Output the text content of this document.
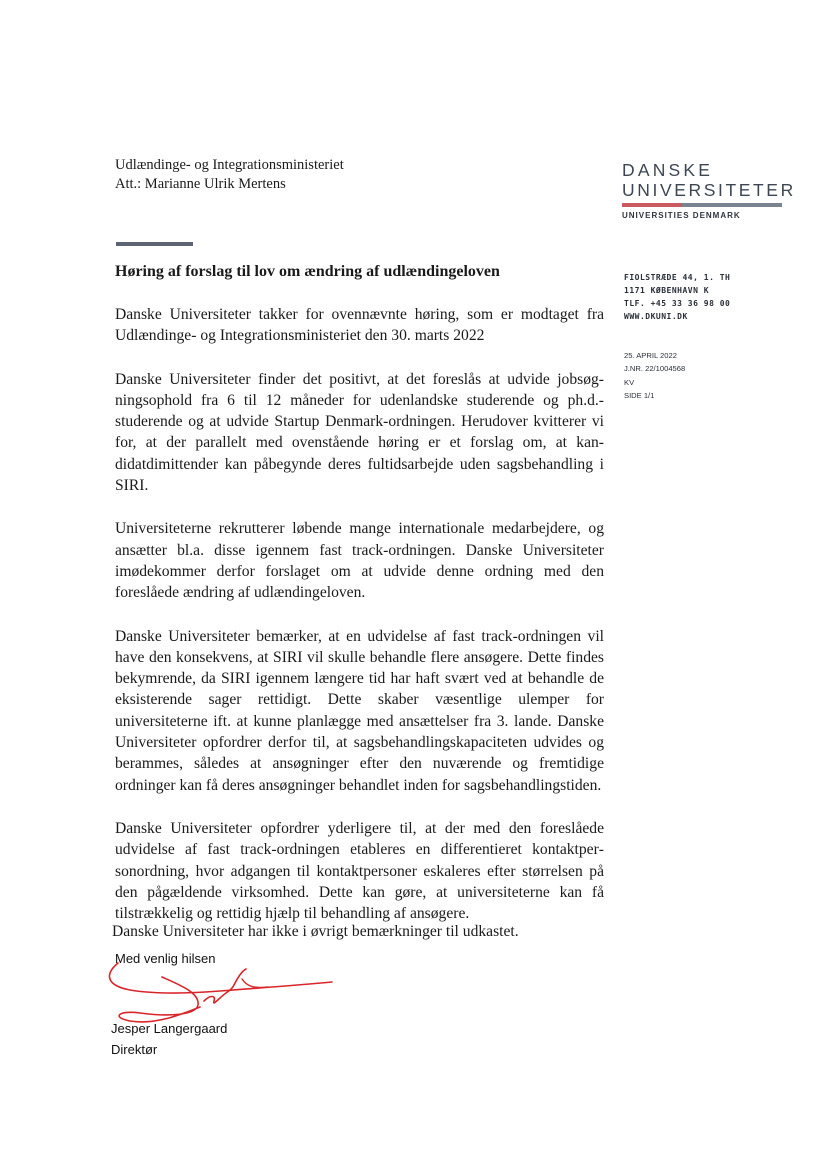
Udlændinge- og Integrationsministeriet
Att.: Marianne Ulrik Mertens
DANSKE
UNIVERSITETER
UNIVERSITIES DENMARK
FIOLSTRÆDE 44, 1. TH
1171 KØBENHAVN K
TLF. +45 33 36 98 00
WWW.DKUNI.DK
25. APRIL 2022
J.NR. 22/1004568
KV
SIDE 1/1
Høring af forslag til lov om ændring af udlændingeloven

Danske Universiteter takker for ovennævnte høring, som er modtaget fra Udlændinge- og Integrationsministeriet den 30. marts 2022

Danske Universiteter finder det positivt, at det foreslås at udvide jobsøgningsophold fra 6 til 12 måneder for udenlandske studerende og ph.d.-studerende og at udvide Startup Denmark-ordningen. Herudover kvitterer vi for, at der parallelt med ovenstående høring er et forslag om, at kandidatdimittender kan påbegynde deres fultidsarbejde uden sagsbehandling i SIRI.

Universiteterne rekrutterer løbende mange internationale medarbejdere, og ansætter bl.a. disse igennem fast track-ordningen. Danske Universiteter imødekommer derfor forslaget om at udvide denne ordning med den foreslåede ændring af udlændingeloven.

Danske Universiteter bemærker, at en udvidelse af fast track-ordningen vil have den konsekvens, at SIRI vil skulle behandle flere ansøgere. Dette findes bekymrende, da SIRI igennem længere tid har haft svært ved at behandle de eksisterende sager rettidigt. Dette skaber væsentlige ulemper for universiteterne ift. at kunne planlægge med ansættelser fra 3. lande. Danske Universiteter opfordrer derfor til, at sagsbehandlingskapaciteten udvides og berammes, således at ansøgninger efter den nuværende og fremtidige ordninger kan få deres ansøgninger behandlet inden for sagsbehandlingstiden.

Danske Universiteter opfordrer yderligere til, at der med den foreslåede udvidelse af fast track-ordningen etableres en differentieret kontaktpersonordning, hvor adgangen til kontaktpersoner eskaleres efter størrelsen på den pågældende virksomhed. Dette kan gøre, at universiteterne kan få tilstrækkelig og rettidig hjælp til behandling af ansøgere.

Danske Universiteter har ikke i øvrigt bemærkninger til udkastet.
Med venlig hilsen
Jesper Langergaard
Direktør
